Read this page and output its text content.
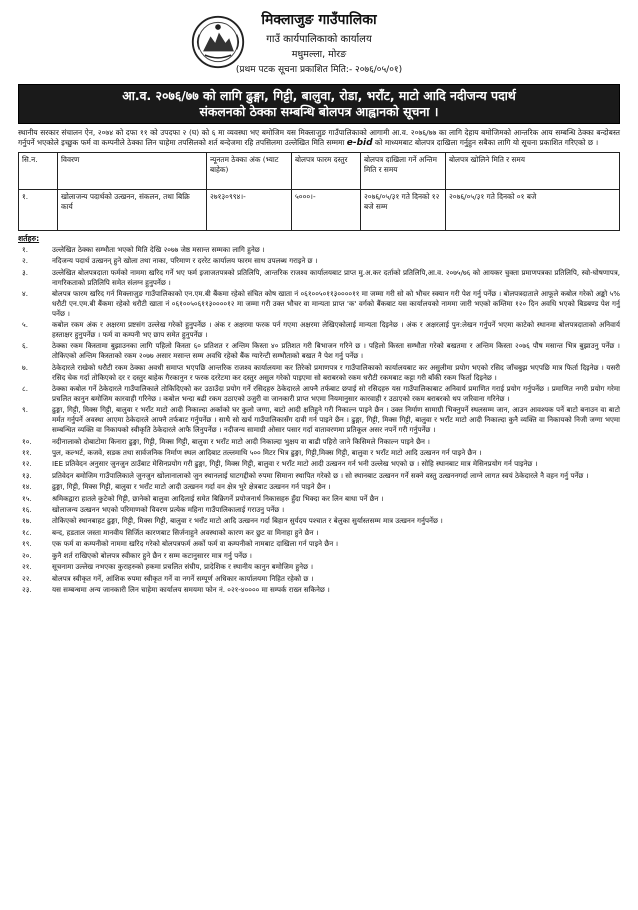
मिक्लाजुङ गाउँपालिका
गाउँ कार्यपालिकाको कार्यालय
मधुमल्ला, मोरङ
(प्रथम पटक सूचना प्रकाशित मिति:- २०७६/०५/०१)
आ.व. २०७६/७७ को लागि ढुङ्गा, गिट्टी, बालुवा, रोडा, भराँट, माटो आदि नदीजन्य पदार्थ
संकलनको ठेक्का सम्बन्धि बोलपत्र आह्वानको सूचना ।
स्थानीय सरकार संचालन ऐन, २०७४ को दफा ११ को उपदफा २ (घ) को ६ मा व्यवस्था भए बमोजिम यस मिक्लाजुङ गाउँपालिकाको आगामी आ.व. २०७६/७७ का लागि देहाय बमोजिमको आन्तरिक आय सम्बन्धि ठेक्का बन्दोबस्त गर्नुपर्ने भएकोले इच्छुक फर्म वा कम्पनीले ठेक्का लिन चाहेमा तपसिलको शर्त बन्देजमा रहि तपसिलमा उल्लेखित मिति सम्ममा e-bid को माध्यमबाट बोलपत्र दाखिला गर्नुहुन सबैका लागि यो सूचना प्रकाशित गरिएको छ ।
सि.न.	विवरण	न्यूनतम ठेक्का अंक (भ्याट बाहेक)	बोलपत्र फारम दस्तुर	बोलपत्र दाखिला गर्ने अन्तिम मिति र समय	बोलपत्र खोलिने मिति र समय
१.	खोलाजन्य पदार्थको उत्खनन, संकलन, तथा बिक्रि कार्य	२७१३०९९४।-	५०००।-	२०७६/०५/३१ गते दिनको १२ बजे सम्म	२०७६/०५/३१ गते दिनको ०१ बजे
शर्तहरु:
१.	उल्लेखित ठेक्का सम्भौता भएको मिति देखि २०७७ जेष्ठ मसान्त सम्मका लागि हुनेछ ।
२.	नदिजन्य पदार्थ उत्खनन् हुने खोला तथा नाका, परिमाण र दररेट कार्यालय फारम साथ उपलब्ध गराइने छ ।
३.	उल्लेखित बोलपत्रदाता फर्मको नाममा खरिद गर्ने भए फर्म इजाजतपत्रको प्रतिलिपि, आन्तरिक राजश्व कार्यालयबाट प्राप्त मु.अ.कर दर्ताको प्रतिलिपि,आ.व. २०७५/७६ को आयकर चुक्ता प्रमाणपत्रका प्रतिलिपि, स्वो-घोषणापत्र, नागरिकताको प्रतिलिपि समेत संलग्न हुनुपर्नेछ ।
४.	बोलपत्र फारम खरिद गर्न मिक्लाजुङ गाउँपालिकाको एन.एम.बी बैंकमा रहेको संचित कोष खाता नं ०६१००५०११३००००११ मा जम्मा गरी सो को भौचर स्क्यान गरी पेश गर्नु पर्नेछ । बोलपत्रदाताले आफूले कबोल गरेको अङ्को ५% धरौटी एन.एम.बी बैंकमा रहेको धरौटी खाता नं ०६१००५०६११३००००१२ मा जम्मा गरी उक्त भौचर वा मान्यता प्राप्त 'क' वर्गको बैंकबाट यस कार्यालयको नाममा जारी भएको कम्तिमा १२० दिन अवधि भएको बिडबण्ड पेश गर्नु पर्नेछ ।
५.	कबोल रकम अंक र अक्षरमा प्रष्टसंग उल्लेख गरेको हुनुपर्नेछ । अंक र अक्षरमा फरक पर्न गएमा अक्षरमा लेखिएकोलाई मान्यता दिइनेछ । अंक र अक्षरलाई पुन:लेखन गर्नुपर्ने भएमा काटेको स्थानमा बोलपत्रदाताको अनिवार्य हस्ताक्षर हुनुपर्नेछ । फर्म वा कम्पनी भए छाप समेत हुनुपर्नेछ ।
६.	ठेक्का रकम किस्तामा बुझाउनका लागि पहिलो किस्ता ६० प्रतिशत र अन्तिम किस्ता ४० प्रतिशत गरी बिभाजन गरिने छ । पहिलो किस्ता सम्भौता गरेको बखतमा र अन्तिम किस्ता २०७६ पौष मसान्त भित्र बुझाउनु पर्नेछ । तोकिएको अन्तिम किस्ताको रकम २०७७ असार मसान्त सम्म अवधि रहेको बैंक ग्यारेन्टी सम्भौताको बखत नै पेश गर्नु पर्नेछ ।
७.	ठेकेदारले राखेको धरौटी रकम ठेक्का अवधी समाप्त भएपछि आन्तरिक राजश्व कार्यालयमा कर तिरेको प्रमाणपत्र र गाउँपालिकाको कार्यालयबाट कर असुलीमा प्रयोग भएको रसिद जाँचबुझ भएपछि मात्र फिर्ता दिइनेछ । यसरी रसिद चेक गर्दा तोकिएको दर र दस्तुर बाहेक गैरकानुन र फरक दररेटमा कर दस्तुर असुल गरेको पाइएमा सो बराबरको रकम धरौटी रकमबाट कट्टा गरी बाँकी रकम फिर्ता दिइनेछ ।
८.	ठेक्का कबोल गर्ने ठेकेदारले गाउँपालिकाले तोकिदिएको कर उठाउँदा प्रयोग गर्ने रसिदहरु ठेकेदारले आफ्नै तर्फबाट छपाई सो रसिदहरु यस गाउँपालिकाबाट अनिवार्य प्रमाणित गराई प्रयोग गर्नुपर्नेछ । प्रमाणित नगरी प्रयोग गरेमा प्रचलित कानुन बमोजिम कारवाही गरिनेछ । कबोल भन्दा बढी रकम उठाएको उजुरी वा जानकारी प्राप्त भएमा नियमानुसार कारवाही र उठाएको रकम बराबरको थप जरिवाना गरिनेछ ।
९.	ढुङ्गा, गिट्टी, मिक्स गिट्टी, बालुवा र भराँट माटो आदी निकाल्दा अर्काको घर कुलो जग्गा, बाटो आदी क्षतिहुने गरी निकाल्न पाइने छैन । उक्त निर्माण सामाग्री भिक्नुपर्ने स्थलसम्म जान, आउन आवश्यक पर्ने बाटो बनाउन वा बाटो मर्मत गर्नुपर्ने अवस्था आएमा ठेकेदारले आफ्नै तर्फबाट गर्नुपर्नेछ । साथै सो खर्च गाउँपालिकासँग दावी गर्न पाइने छैन । ढुङ्गा, गिट्टी, मिक्स गिट्टी, बालुवा र भराँट माटो आदी निकाल्दा कुनै व्यक्ति वा निकायको निजी जग्गा भएमा सम्बन्धित व्यक्ति वा निकायको स्वीकृति ठेकेदारले आफै लिनुपर्नेछ । नदीजन्य सामाग्री ओसार पसार गर्दा वातावरणमा प्रतिकूल असर नपर्ने गरी गर्नुपर्नेछ ।
१०.	नदीनालाको दोबाटोमा किनारा ढुङ्गा, गिट्टी, मिक्स गिट्टी, बालुवा र भराँट माटो आदी निकाल्दा भुक्षय वा बाढी पहिरो जाने किसिमले निकाल्न पाइने छैन ।
११.	पुल, कल्भर्ट, कजवे, सडक तथा सार्वजनिक निर्माण स्थल आदिबाट तल्लमाथि ५०० मिटर भित्र ढुङ्गा, गिट्टी,मिक्स गिट्टी, बालुवा र भराँट माटो आदि उत्खनन गर्न पाइने छैन ।
१२.	IEE प्रतिवेदन अनुसार जुनजुन ठाउँबाट मेसिनप्रयोग गरी ढुङ्गा, गिट्टी, मिक्स गिट्टी, बालुवा र भराँट माटो आदी उत्खनन गर्न भनी उल्लेख भएको छ । सोहि स्थानबाट मात्र मेसिनप्रयोग गर्न पाइनेछ ।
१३.	प्रतिवेदन बमोजिम गाउँपालिकाले जुनजुन खोलानालाको जुन स्थानलाई घाटगद्दीको रुपमा सिमाना स्थापित गरेको छ । सो स्थानबाट उत्खनन गर्ने सक्ने वस्तु उत्खननगर्दा लाग्ने लागत स्वयं ठेकेदारले नै वहन गर्नु पर्नेछ ।
१४.	ढुङ्गा, गिट्टी, मिक्स गिट्टी, बालुवा र भराँट माटो आदी उत्खनन गर्दा वन क्षेत्र भुरे क्षेत्रबाट उत्खनन गर्न पाइने छैन ।
१५.	श्रमिकद्वारा हातले कुटेको गिट्टी, छानेको बालुवा आदिलाई समेत बिक्रिगर्ने प्रयोजनार्थ निकासहरु हुँदा भिक्दा कर लिन बाधा पर्ने छैन ।
१६.	खोलाजन्य उत्खनन भएको परिमाणको विवरण प्रत्येक महिना गाउँपालिकालाई गराउनु पर्नेछ ।
१७.	तोकिएको स्थानबाहट ढुङ्गा, गिट्टी, मिक्स गिट्टी, बालुवा र भराँट माटो आदि उत्खनन गर्दा बिहान सुर्यदय पश्चात र बेलुका सुर्यास्तसम्म मात्र उत्खनन गर्नुपर्नेछ ।
१८.	बन्द, हडताल जस्ता मानवीय सिर्जित कारणबाट सिर्जनाहुने अवस्थाको कारण कर छुट वा मिनाहा हुने छैन ।
१९.	एक फर्म वा कम्पनीको नाममा खरिद गरेको बोलपत्रफर्म अर्को फर्म वा कम्पनीको नामबाट दाखिला गर्न पाइने छैन ।
२०.	कुनै शर्त राखिएको बोलपत्र स्वीकार हुने छैन र सम्म कटानुसारर मात्र गर्नु पर्नेछ ।
२१.	सूचनामा उल्लेख नभएका कुराहरुको हकमा प्रचलित संघीय, प्रादेशिक र स्थानीय कानुन बमोजिम हुनेछ ।
२२.	बोलपत्र स्वीकृत गर्ने, आंशिक रुपमा स्वीकृत गर्ने वा नगर्ने सम्पूर्ण अधिकार कार्यालयमा निहित रहेको छ ।
२३.	यस सम्बन्धमा अन्य जानकारी लिन चाहेमा कार्यालय समयमा फोन नं. ०२१-४०००० मा सम्पर्क राख्न सकिनेछ ।
